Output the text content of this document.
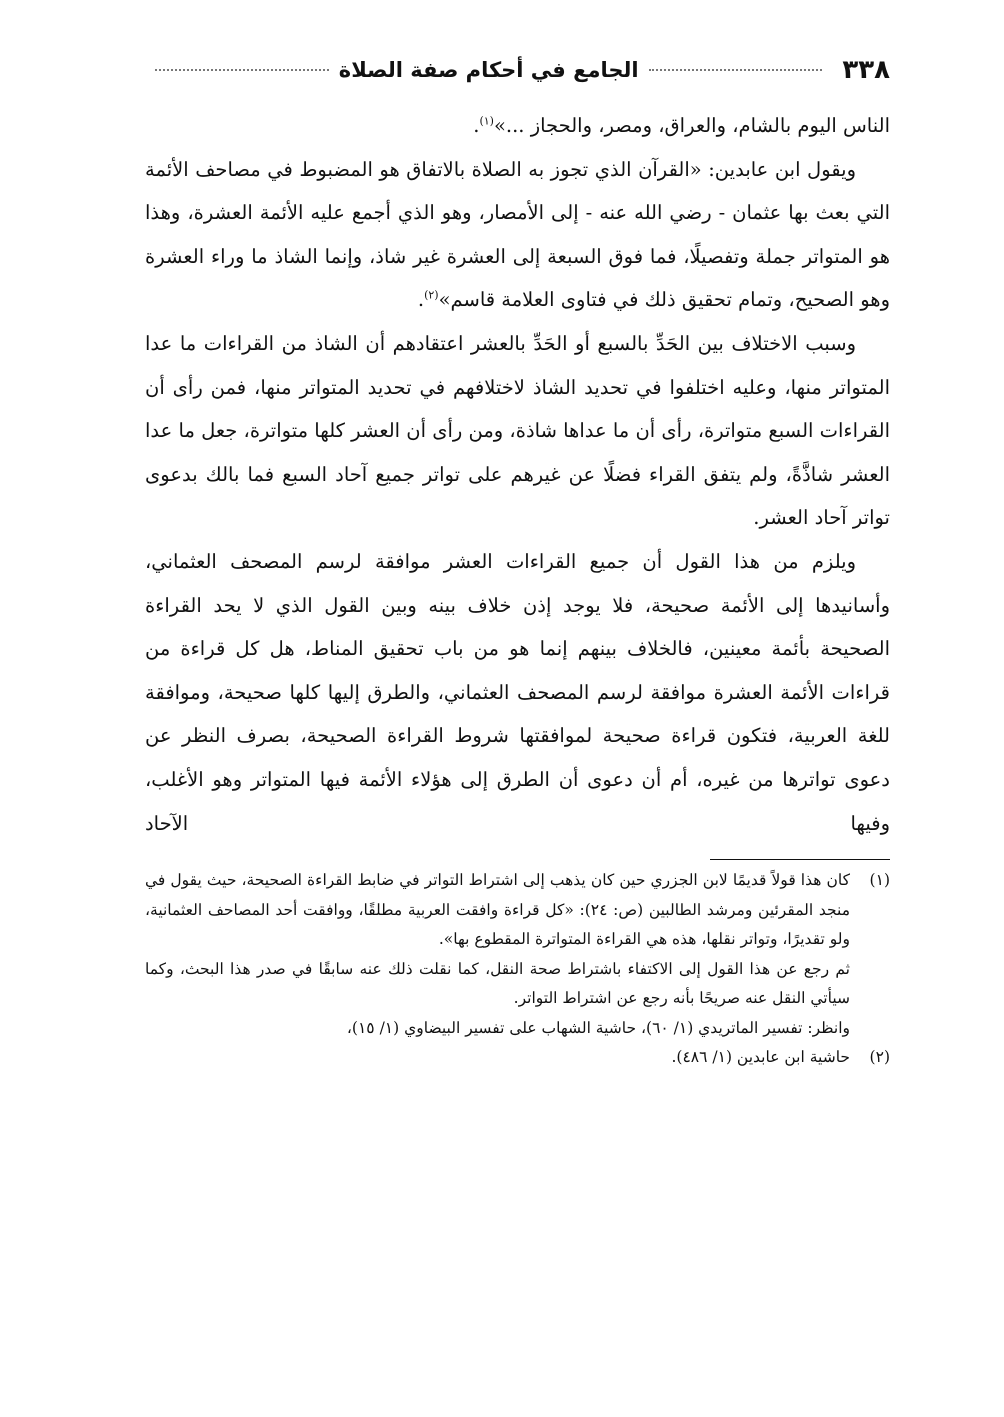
٣٣٨
الجامع في أحكام صفة الصلاة

الناس اليوم بالشام، والعراق، ومصر، والحجاز ...»$^{(١)}$.

ويقول ابن عابدين: «القرآن الذي تجوز به الصلاة بالاتفاق هو المضبوط في مصاحف الأئمة التي بعث بها عثمان - رضي الله عنه - إلى الأمصار، وهو الذي أجمع عليه الأئمة العشرة، وهذا هو المتواتر جملة وتفصيلًا، فما فوق السبعة إلى العشرة غير شاذ، وإنما الشاذ ما وراء العشرة وهو الصحيح، وتمام تحقيق ذلك في فتاوى العلامة قاسم»$^{(٢)}$.

وسبب الاختلاف بين الحَدِّ بالسبع أو الحَدِّ بالعشر اعتقادهم أن الشاذ من القراءات ما عدا المتواتر منها، وعليه اختلفوا في تحديد الشاذ لاختلافهم في تحديد المتواتر منها، فمن رأى أن القراءات السبع متواترة، رأى أن ما عداها شاذة، ومن رأى أن العشر كلها متواترة، جعل ما عدا العشر شاذَّةً، ولم يتفق القراء فضلًا عن غيرهم على تواتر جميع آحاد السبع فما بالك بدعوى تواتر آحاد العشر.

ويلزم من هذا القول أن جميع القراءات العشر موافقة لرسم المصحف العثماني، وأسانيدها إلى الأئمة صحيحة، فلا يوجد إذن خلاف بينه وبين القول الذي لا يحد القراءة الصحيحة بأئمة معينين، فالخلاف بينهم إنما هو من باب تحقيق المناط، هل كل قراءة من قراءات الأئمة العشرة موافقة لرسم المصحف العثماني، والطرق إليها كلها صحيحة، وموافقة للغة العربية، فتكون قراءة صحيحة لموافقتها شروط القراءة الصحيحة، بصرف النظر عن دعوى تواترها من غيره، أم أن دعوى أن الطرق إلى هؤلاء الأئمة فيها المتواتر وهو الأغلب، وفيها الآحاد

(١)

كان هذا قولاً قديمًا لابن الجزري حين كان يذهب إلى اشتراط التواتر في ضابط القراءة الصحيحة، حيث يقول في منجد المقرئين ومرشد الطالبين (ص: ٢٤): «كل قراءة وافقت العربية مطلقًا، ووافقت أحد المصاحف العثمانية، ولو تقديرًا، وتواتر نقلها، هذه هي القراءة المتواترة المقطوع بها».

ثم رجع عن هذا القول إلى الاكتفاء باشتراط صحة النقل، كما نقلت ذلك عنه سابقًا في صدر هذا البحث، وكما سيأتي النقل عنه صريحًا بأنه رجع عن اشتراط التواتر.

وانظر: تفسير الماتريدي (١/ ٦٠)، حاشية الشهاب على تفسير البيضاوي (١/ ١٥)،

(٢)

حاشية ابن عابدين (١/ ٤٨٦).
